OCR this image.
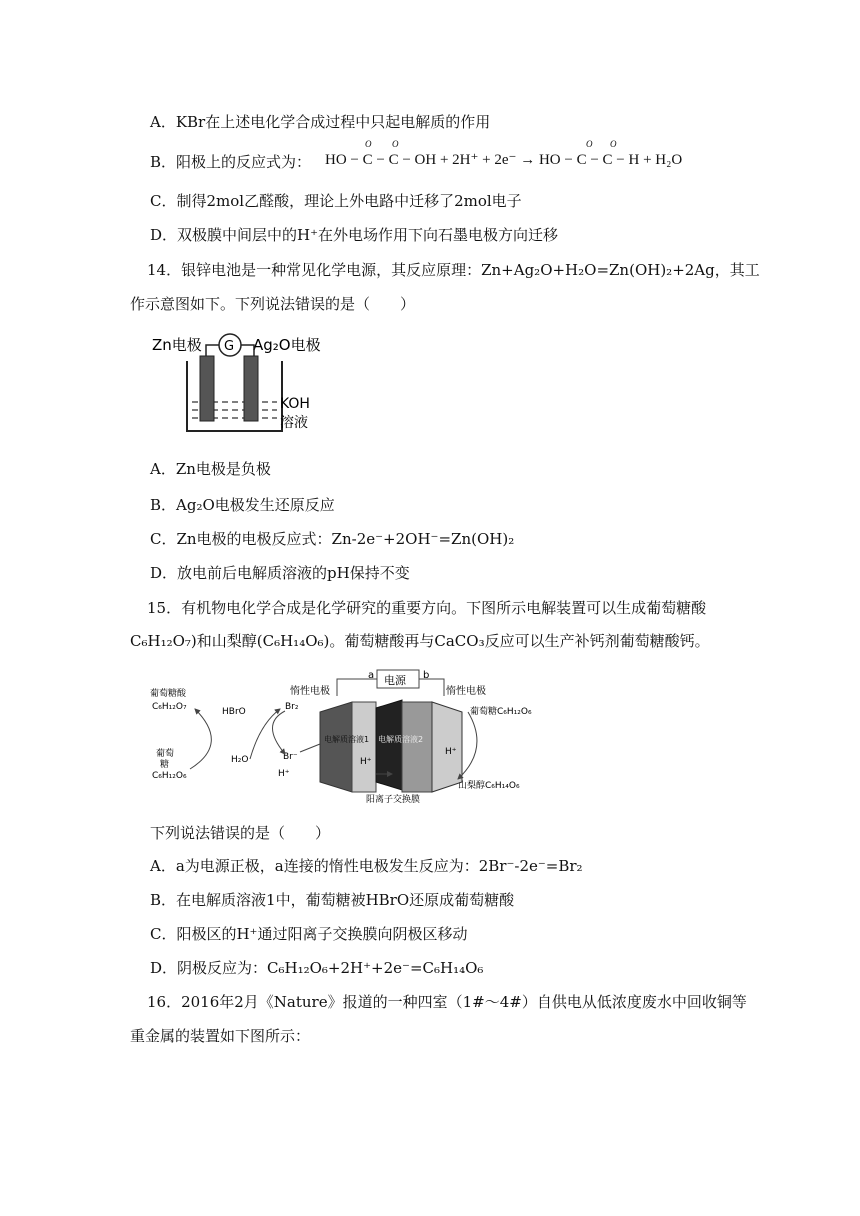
A．KBr在上述电化学合成过程中只起电解质的作用
B．阳极上的反应式为：
O O	O O
HO − C − C − OH + 2H⁺ + 2e⁻ → HO − C − C − H + H₂O
C．制得2mol乙醛酸，理论上外电路中迁移了2mol电子
D．双极膜中间层中的H⁺在外电场作用下向石墨电极方向迁移
14．银锌电池是一种常见化学电源，其反应原理：Zn+Ag₂O+H₂O=Zn(OH)₂+2Ag，其工
作示意图如下。下列说法错误的是（　　）
Zn电极 G Ag₂O电极
KOH
溶液
A．Zn电极是负极
B．Ag₂O电极发生还原反应
C．Zn电极的电极反应式：Zn-2e⁻+2OH⁻=Zn(OH)₂
D．放电前后电解质溶液的pH保持不变
15．有机物电化学合成是化学研究的重要方向。下图所示电解装置可以生成葡萄糖酸
C₆H₁₂O₇)和山梨醇(C₆H₁₄O₆)。葡萄糖酸再与CaCO₃反应可以生产补钙剂葡萄糖酸钙。
电源
a	b
惰性电极	惰性电极
电解质溶液1 电解质溶液2
H⁺
H⁺
阳离子交换膜
葡萄糖酸
C₆H₁₂O₇
葡萄
糖
C₆H₁₂O₆
HBrO	Br₂
Br⁻
H₂O
H⁺
葡萄糖C₆H₁₂O₆
山梨醇C₆H₁₄O₆
下列说法错误的是（　　）
A．a为电源正极，a连接的惰性电极发生反应为：2Br⁻-2e⁻=Br₂
B．在电解质溶液1中，葡萄糖被HBrO还原成葡萄糖酸
C．阳极区的H⁺通过阳离子交换膜向阴极区移动
D．阴极反应为：C₆H₁₂O₆+2H⁺+2e⁻=C₆H₁₄O₆
16．2016年2月《Nature》报道的一种四室（1#～4#）自供电从低浓度废水中回收铜等
重金属的装置如下图所示：
